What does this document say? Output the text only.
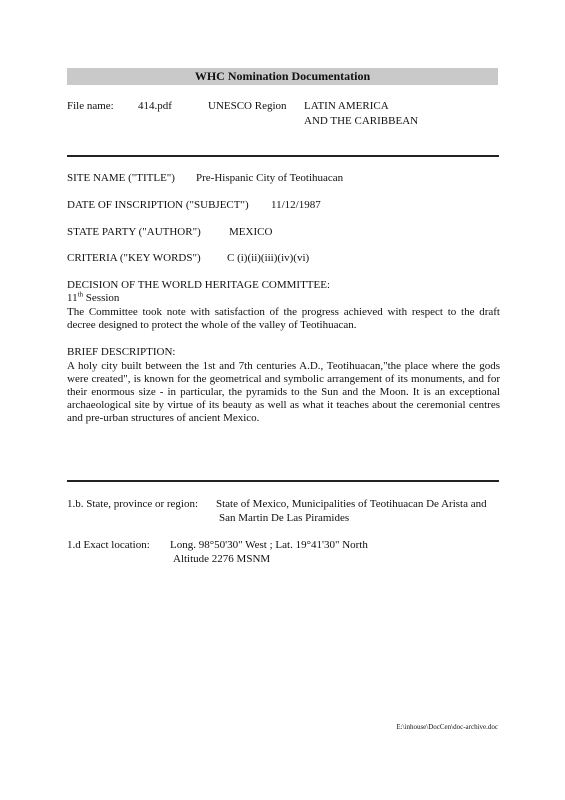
WHC Nomination Documentation
File name: 414.pdf	UNESCO Region LATIN AMERICA
AND THE CARIBBEAN
SITE NAME ("TITLE") Pre-Hispanic City of Teotihuacan
DATE OF INSCRIPTION ("SUBJECT") 11/12/1987
STATE PARTY ("AUTHOR")	MEXICO
CRITERIA ("KEY WORDS") C (i)(ii)(iii)(iv)(vi)
DECISION OF THE WORLD HERITAGE COMMITTEE:
11th Session
The Committee took note with satisfaction of the progress achieved with respect to the draft decree designed to protect the whole of the valley of Teotihuacan.
BRIEF DESCRIPTION:
A holy city built between the 1st and 7th centuries A.D., Teotihuacan,"the place where the gods were created", is known for the geometrical and symbolic arrangement of its monuments, and for their enormous size - in particular, the pyramids to the Sun and the Moon. It is an exceptional archaeological site by virtue of its beauty as well as what it teaches about the ceremonial centres and pre-urban structures of ancient Mexico.
1.b. State, province or region: State of Mexico, Municipalities of Teotihuacan De Arista and
San Martin De Las Piramides
1.d Exact location: Long. 98°50'30" West ; Lat. 19°41'30" North
Altitude 2276 MSNM
E:\inhouse\DocCen\doc-archive.doc
